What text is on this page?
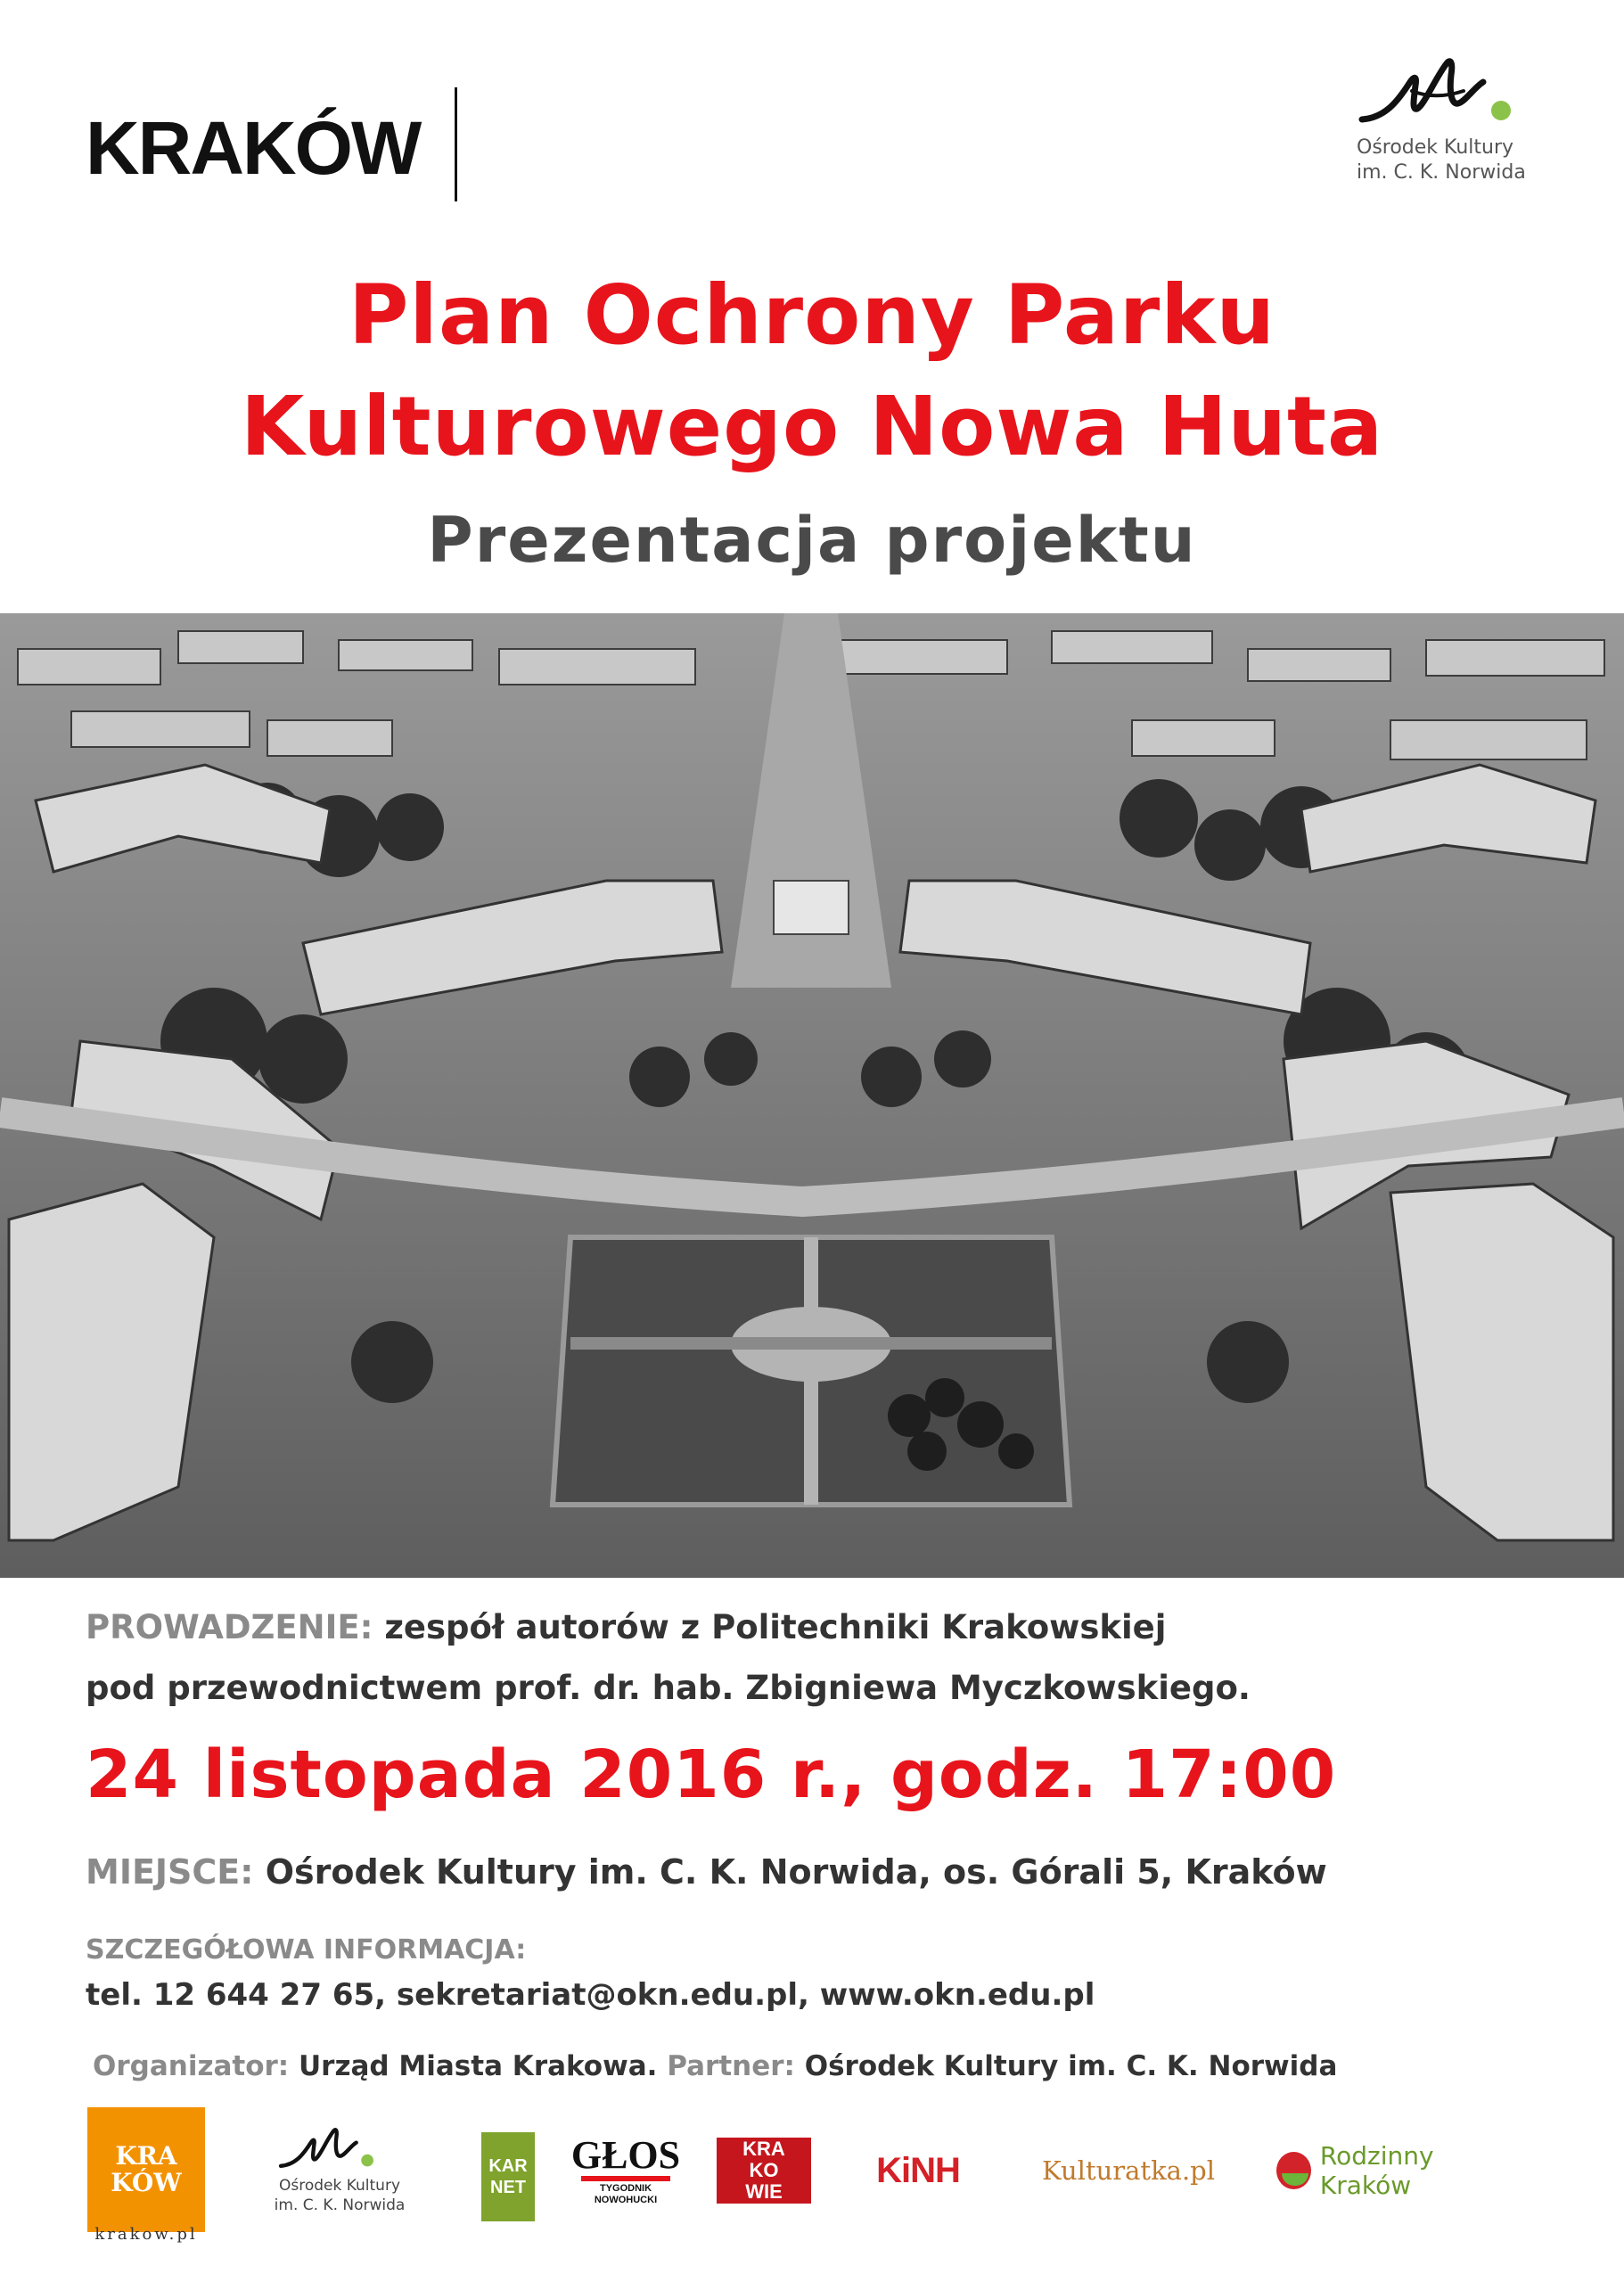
KRAKÓW	Ośrodek Kultury
im. C. K. Norwida
Plan Ochrony Parku
Kulturowego Nowa Huta
Prezentacja projektu
PROWADZENIE: zespół autorów z Politechniki Krakowskiej
pod przewodnictwem prof. dr. hab. Zbigniewa Myczkowskiego.
24 listopada 2016 r., godz. 17:00
MIEJSCE: Ośrodek Kultury im. C. K. Norwida, os. Górali 5, Kraków
SZCZEGÓŁOWA INFORMACJA:
tel. 12 644 27 65, sekretariat@okn.edu.pl, www.okn.edu.pl
Organizator: Urząd Miasta Krakowa. Partner: Ośrodek Kultury im. C. K. Norwida
KRA
KÓW
krakow.pl
Ośrodek Kultury
im. C. K. Norwida
K A R
N E T
GŁOS
TYGODNIK NOWOHUCKI
KRA
KO
WIE
KiNH	Kulturatka.pl	Rodzinny Kraków
